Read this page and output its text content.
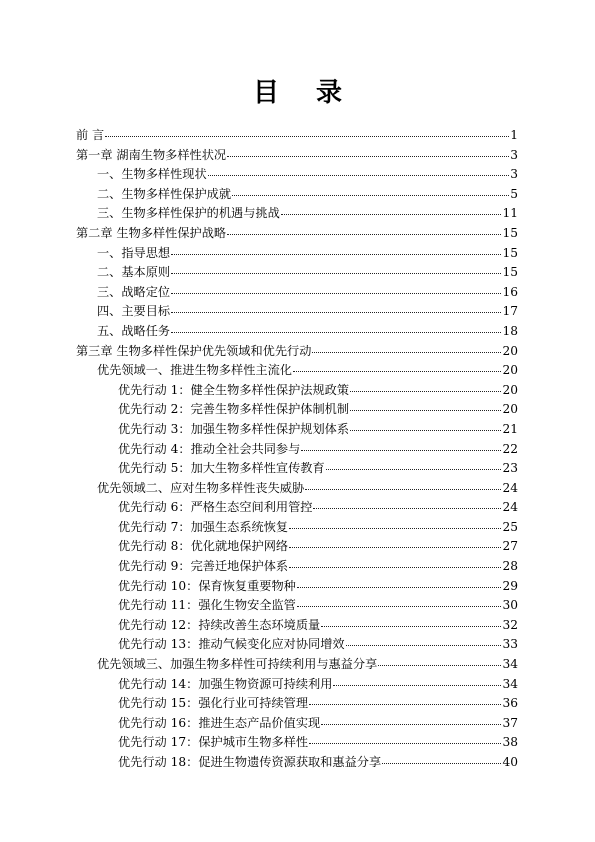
目 录
前 言	1
第一章 湖南生物多样性状况	3
一、生物多样性现状	3
二、生物多样性保护成就	5
三、生物多样性保护的机遇与挑战	11
第二章 生物多样性保护战略	15
一、指导思想	15
二、基本原则	15
三、战略定位	16
四、主要目标	17
五、战略任务	18
第三章 生物多样性保护优先领域和优先行动	20
优先领域一、推进生物多样性主流化	20
优先行动 1：健全生物多样性保护法规政策	20
优先行动 2：完善生物多样性保护体制机制	20
优先行动 3：加强生物多样性保护规划体系	21
优先行动 4：推动全社会共同参与	22
优先行动 5：加大生物多样性宣传教育	23
优先领域二、应对生物多样性丧失威胁	24
优先行动 6：严格生态空间利用管控	24
优先行动 7：加强生态系统恢复	25
优先行动 8：优化就地保护网络	27
优先行动 9：完善迁地保护体系	28
优先行动 10：保育恢复重要物种	29
优先行动 11：强化生物安全监管	30
优先行动 12：持续改善生态环境质量	32
优先行动 13：推动气候变化应对协同增效	33
优先领域三、加强生物多样性可持续利用与惠益分享	34
优先行动 14：加强生物资源可持续利用	34
优先行动 15：强化行业可持续管理	36
优先行动 16：推进生态产品价值实现	37
优先行动 17：保护城市生物多样性	38
优先行动 18：促进生物遗传资源获取和惠益分享	40
